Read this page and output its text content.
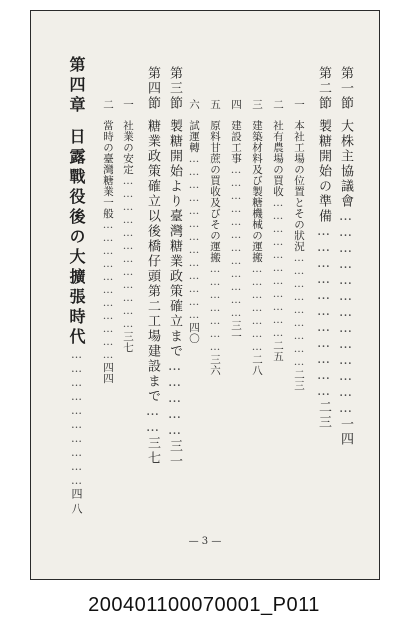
第一節大株主協議會…………………………………一四
第二節製糖開始の準備……………………………二三
一本社工場の位置とその狀況………………………二三
二社有農場の買收……………………………二五
三建築材料及び製糖機械の運搬…………………二八
四建設工事………………………………三一
五原料甘蔗の買收及びその運搬…………………三六
六試運轉…………………………………四〇
第三節製糖開始より臺灣糖業政策確立まで……………三一
第四節糖業政策確立以後橋仔頭第二工場建設まで……三七
一社業の安定………………………………三七
二當時の臺灣糖業一般……………………………四四
第四章日露戰役後の大擴張時代…………………………四八
— 3 —
200401100070001_P011
